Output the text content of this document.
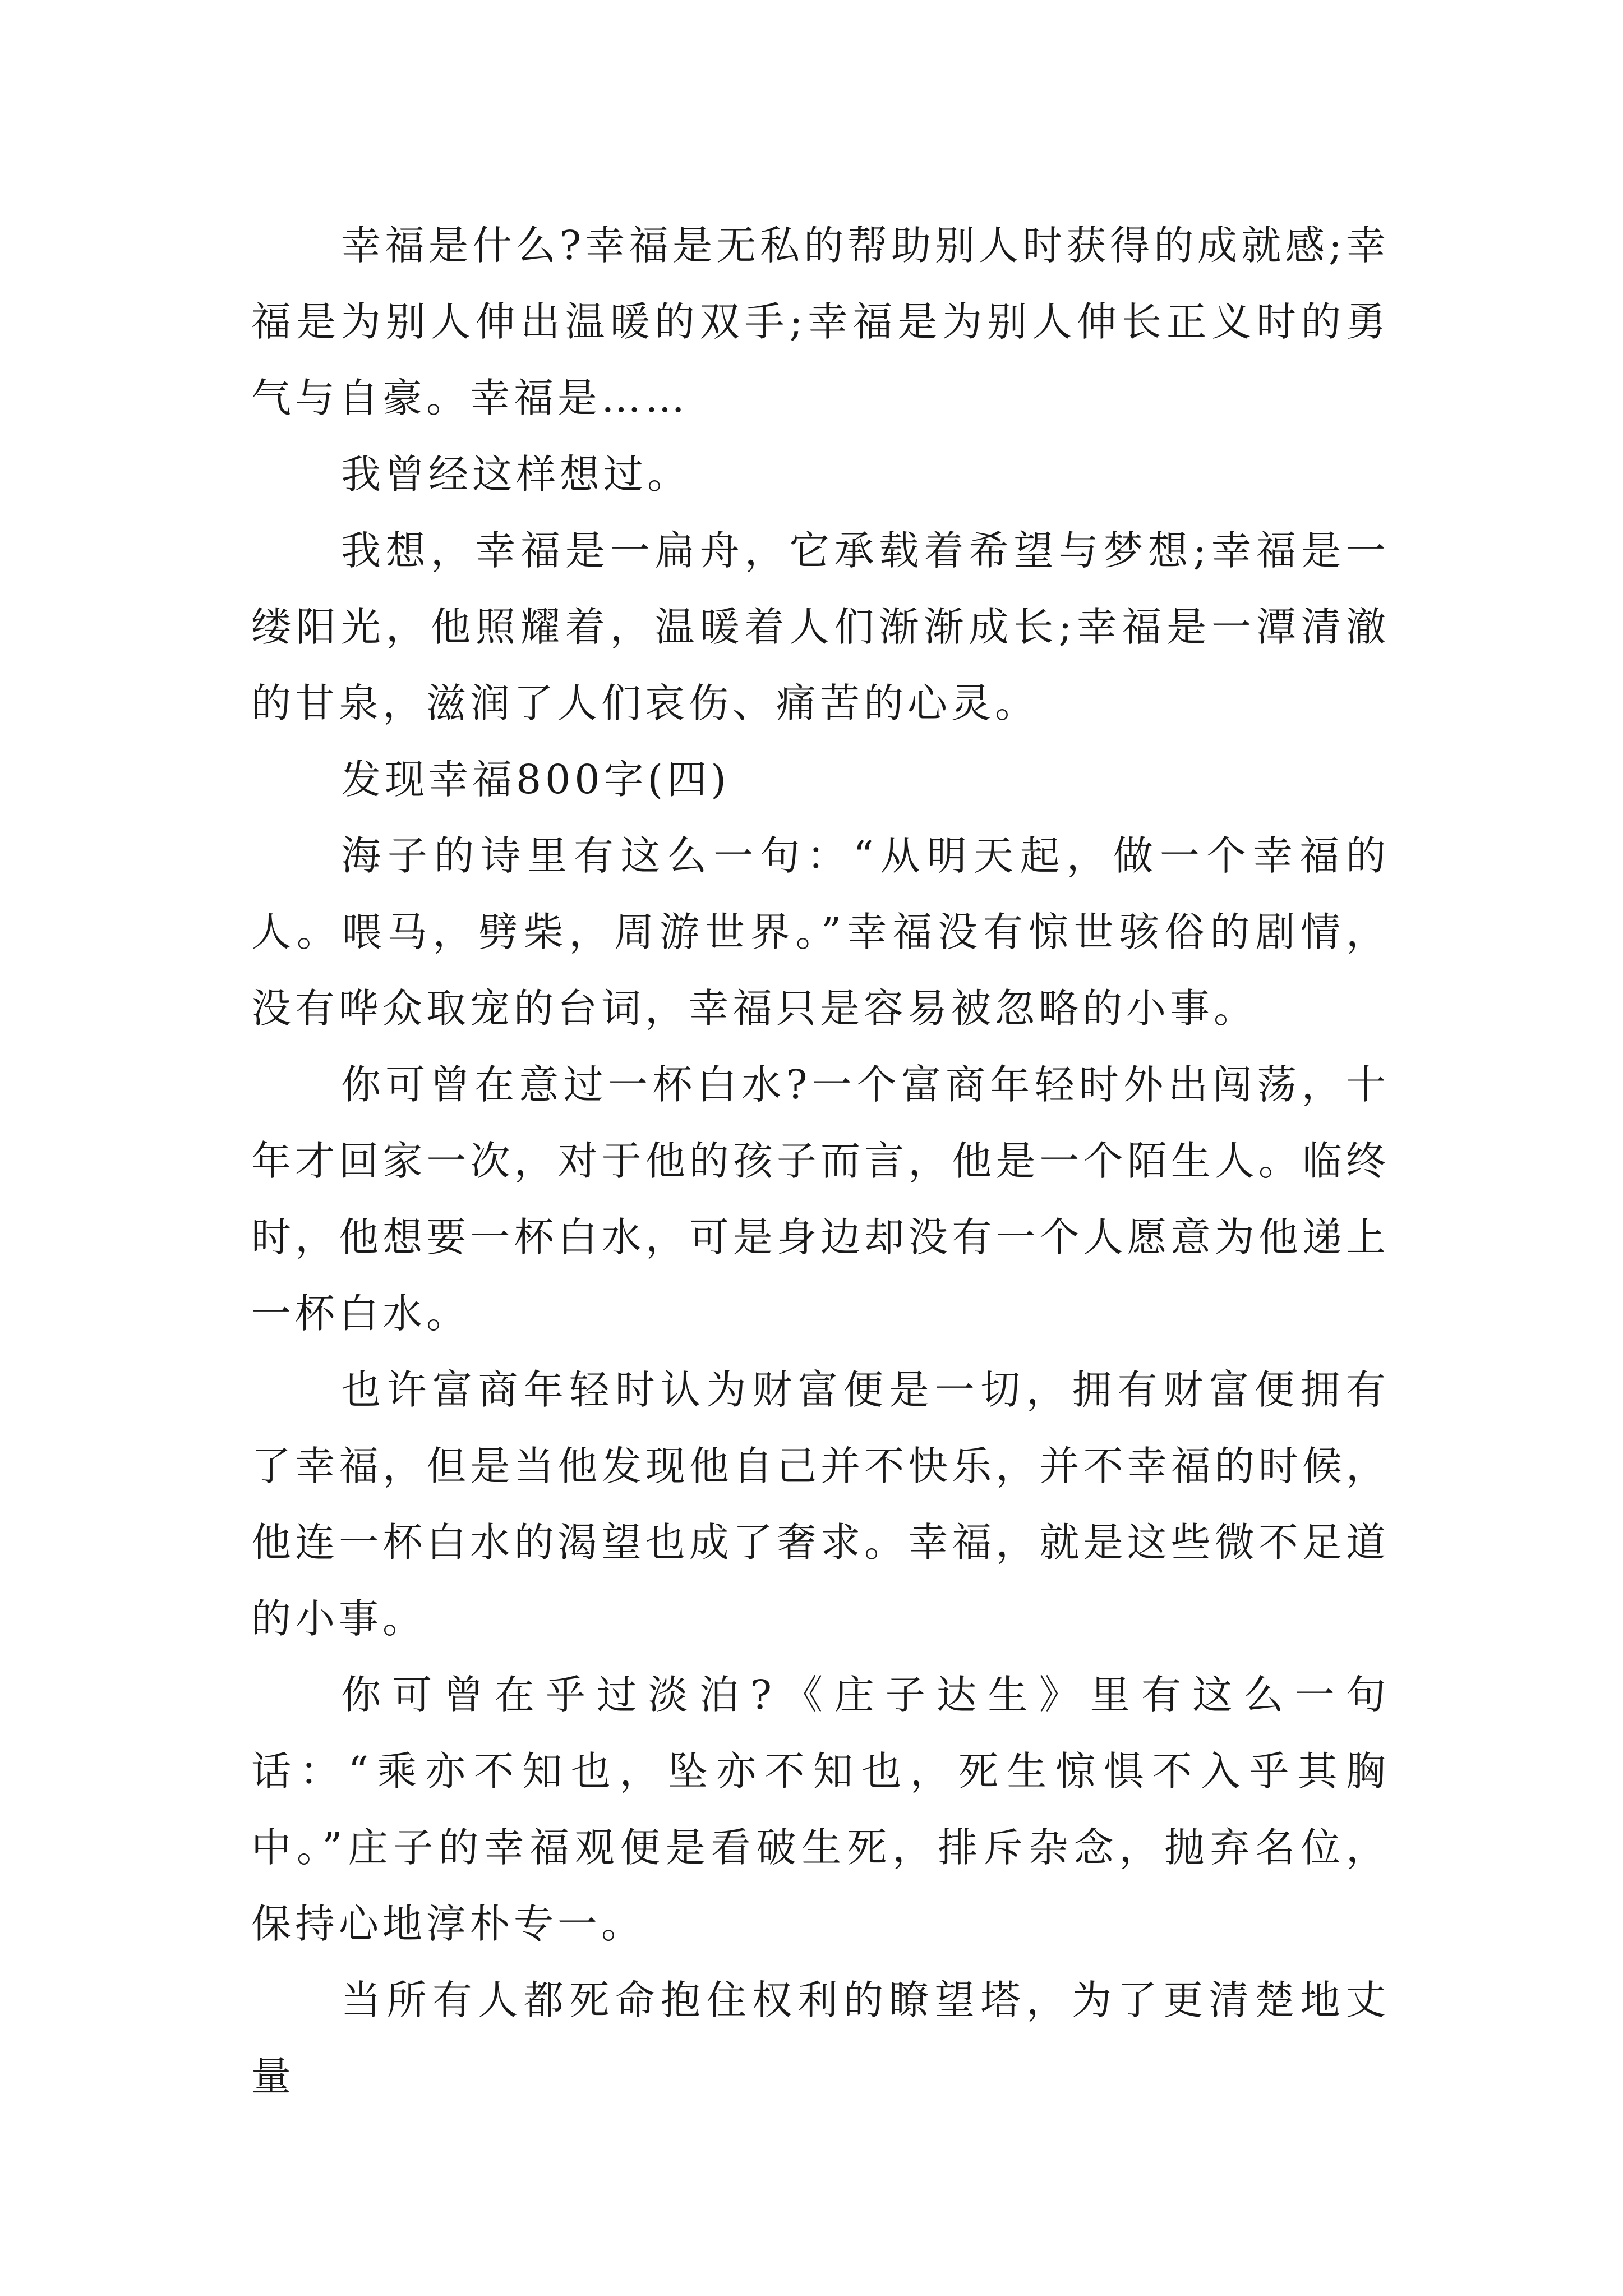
幸福是什么?幸福是无私的帮助别人时获得的成就感;幸福是为别人伸出温暖的双手;幸福是为别人伸长正义时的勇气与自豪。幸福是……

我曾经这样想过。

我想，幸福是一扁舟，它承载着希望与梦想;幸福是一缕阳光，他照耀着，温暖着人们渐渐成长;幸福是一潭清澈的甘泉，滋润了人们哀伤、痛苦的心灵。

发现幸福800字(四)

海子的诗里有这么一句：“从明天起，做一个幸福的人。喂马，劈柴，周游世界。”幸福没有惊世骇俗的剧情，没有哗众取宠的台词，幸福只是容易被忽略的小事。

你可曾在意过一杯白水?一个富商年轻时外出闯荡，十年才回家一次，对于他的孩子而言，他是一个陌生人。临终时，他想要一杯白水，可是身边却没有一个人愿意为他递上一杯白水。

也许富商年轻时认为财富便是一切，拥有财富便拥有了幸福，但是当他发现他自己并不快乐，并不幸福的时候，他连一杯白水的渴望也成了奢求。幸福，就是这些微不足道的小事。

你可曾在乎过淡泊?《庄子达生》里有这么一句话：“乘亦不知也，坠亦不知也，死生惊惧不入乎其胸中。”庄子的幸福观便是看破生死，排斥杂念，抛弃名位，保持心地淳朴专一。

当所有人都死命抱住权利的瞭望塔，为了更清楚地丈量
